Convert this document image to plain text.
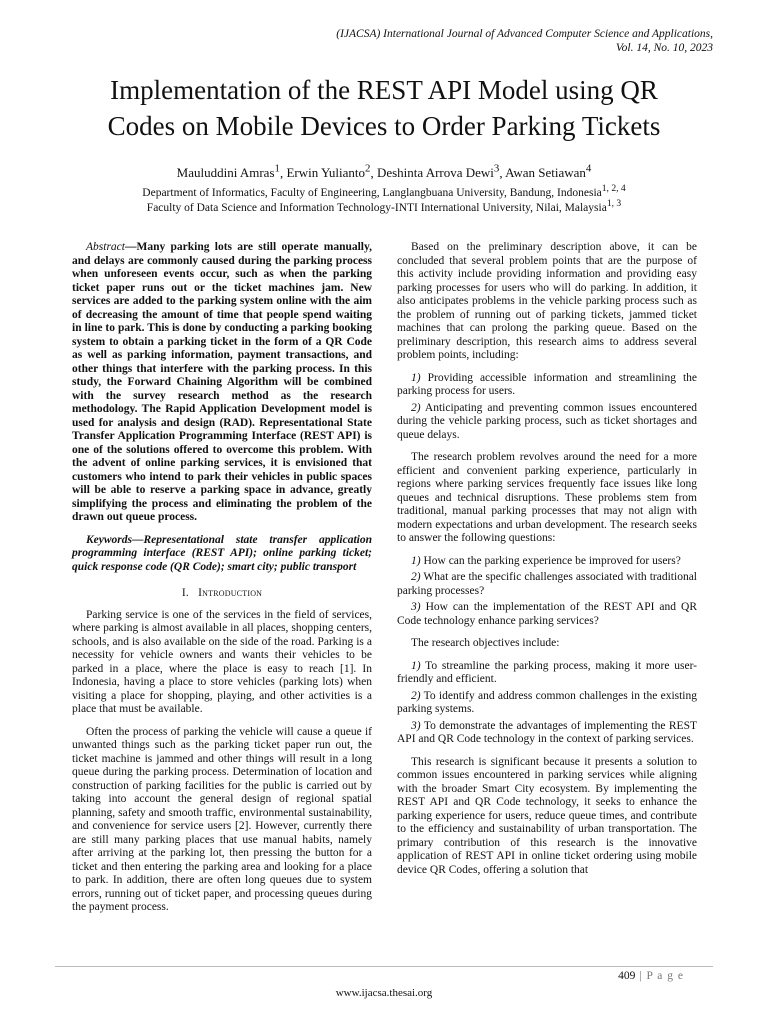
(IJACSA) International Journal of Advanced Computer Science and Applications,
Vol. 14, No. 10, 2023
Implementation of the REST API Model using QR
Codes on Mobile Devices to Order Parking Tickets
Mauluddini Amras$^1$, Erwin Yulianto$^2$, Deshinta Arrova Dewi$^3$, Awan Setiawan$^4$
Department of Informatics, Faculty of Engineering, Langlangbuana University, Bandung, Indonesia$^{1, 2, 4}$
Faculty of Data Science and Information Technology-INTI International University, Nilai, Malaysia$^{1, 3}$

Abstract—Many parking lots are still operate manually, and delays are commonly caused during the parking process when unforeseen events occur, such as when the parking ticket paper runs out or the ticket machines jam. New services are added to the parking system online with the aim of decreasing the amount of time that people spend waiting in line to park. This is done by conducting a parking booking system to obtain a parking ticket in the form of a QR Code as well as parking information, payment transactions, and other things that interfere with the parking process. In this study, the Forward Chaining Algorithm will be combined with the survey research method as the research methodology. The Rapid Application Development model is used for analysis and design (RAD). Representational State Transfer Application Programming Interface (REST API) is one of the solutions offered to overcome this problem. With the advent of online parking services, it is envisioned that customers who intend to park their vehicles in public spaces will be able to reserve a parking space in advance, greatly simplifying the process and eliminating the problem of the drawn out queue process.

Keywords—Representational state transfer application programming interface (REST API); online parking ticket; quick response code (QR Code); smart city; public transport

I. Introduction

Parking service is one of the services in the field of services, where parking is almost available in all places, shopping centers, schools, and is also available on the side of the road. Parking is a necessity for vehicle owners and wants their vehicles to be parked in a place, where the place is easy to reach [1]. In Indonesia, having a place to store vehicles (parking lots) when visiting a place for shopping, playing, and other activities is a place that must be available.

Often the process of parking the vehicle will cause a queue if unwanted things such as the parking ticket paper run out, the ticket machine is jammed and other things will result in a long queue during the parking process. Determination of location and construction of parking facilities for the public is carried out by taking into account the general design of regional spatial planning, safety and smooth traffic, environmental sustainability, and convenience for service users [2]. However, currently there are still many parking places that use manual habits, namely after arriving at the parking lot, then pressing the button for a ticket and then entering the parking area and looking for a place to park. In addition, there are often long queues due to system errors, running out of ticket paper, and processing queues during the payment process.

Based on the preliminary description above, it can be concluded that several problem points that are the purpose of this activity include providing information and providing easy parking processes for users who will do parking. In addition, it also anticipates problems in the vehicle parking process such as the problem of running out of parking tickets, jammed ticket machines that can prolong the parking queue. Based on the preliminary description, this research aims to address several problem points, including:

1) Providing accessible information and streamlining the parking process for users.

2) Anticipating and preventing common issues encountered during the vehicle parking process, such as ticket shortages and queue delays.

The research problem revolves around the need for a more efficient and convenient parking experience, particularly in regions where parking services frequently face issues like long queues and technical disruptions. These problems stem from traditional, manual parking processes that may not align with modern expectations and urban development. The research seeks to answer the following questions:

1) How can the parking experience be improved for users?

2) What are the specific challenges associated with traditional parking processes?

3) How can the implementation of the REST API and QR Code technology enhance parking services?

The research objectives include:

1) To streamline the parking process, making it more user-friendly and efficient.

2) To identify and address common challenges in the existing parking systems.

3) To demonstrate the advantages of implementing the REST API and QR Code technology in the context of parking services.

This research is significant because it presents a solution to common issues encountered in parking services while aligning with the broader Smart City ecosystem. By implementing the REST API and QR Code technology, it seeks to enhance the parking experience for users, reduce queue times, and contribute to the efficiency and sustainability of urban transportation. The primary contribution of this research is the innovative application of REST API in online ticket ordering using mobile device QR Codes, offering a solution that

409 | P a g e
www.ijacsa.thesai.org
